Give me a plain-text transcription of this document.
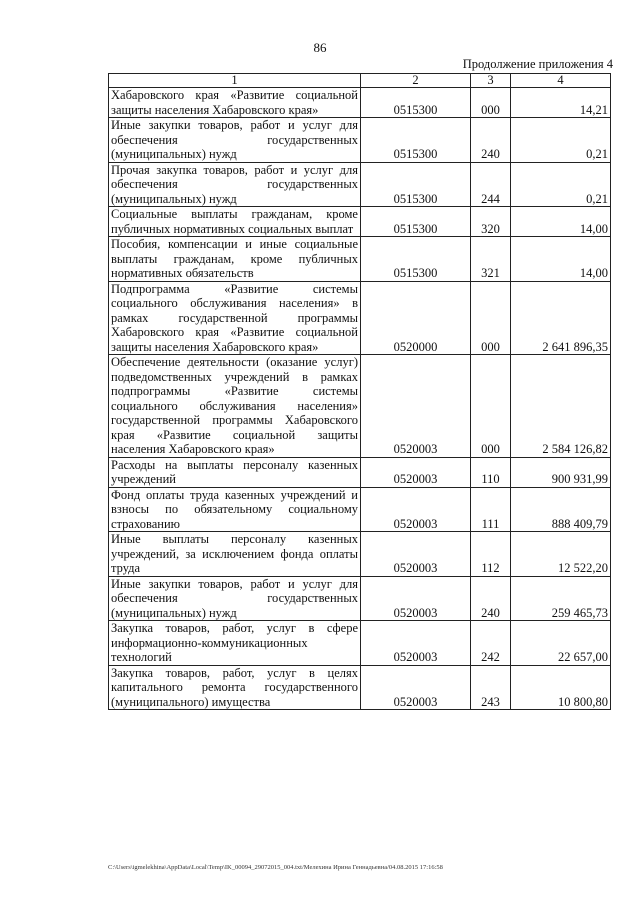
86
Продолжение приложения 4
1	2	3	4
Хабаровского края «Развитие социальной защиты населения Хабаровского края»	0515300	000	14,21
Иные закупки товаров, работ и услуг для обеспечения государственных (муниципальных) нужд	0515300	240	0,21
Прочая закупка товаров, работ и услуг для обеспечения государственных (муниципальных) нужд	0515300	244	0,21
Социальные выплаты гражданам, кроме публичных нормативных социальных выплат	0515300	320	14,00
Пособия, компенсации и иные социальные выплаты гражданам, кроме публичных нормативных обязательств	0515300	321	14,00
Подпрограмма «Развитие системы социального обслуживания населения» в рамках государственной программы Хабаровского края «Развитие социальной защиты населения Хабаровского края»	0520000	000	2 641 896,35
Обеспечение деятельности (оказание услуг) подведомственных учреждений в рамках подпрограммы «Развитие системы социального обслуживания населения» государственной программы Хабаровского края «Развитие социальной защиты населения Хабаровского края»	0520003	000	2 584 126,82
Расходы на выплаты персоналу казенных учреждений	0520003	110	900 931,99
Фонд оплаты труда казенных учреждений и взносы по обязательному социальному страхованию	0520003	111	888 409,79
Иные выплаты персоналу казенных учреждений, за исключением фонда оплаты труда	0520003	112	12 522,20
Иные закупки товаров, работ и услуг для обеспечения государственных (муниципальных) нужд	0520003	240	259 465,73
Закупка товаров, работ, услуг в сфере информационно-коммуникационных технологий	0520003	242	22 657,00
Закупка товаров, работ, услуг в целях капитального ремонта государственного (муниципального) имущества	0520003	243	10 800,80
C:\Users\igmelekhina\AppData\Local\Temp\IK_00094_29072015_004.txt/Мелехина Ирина Геннадьевна/04.08.2015 17:16:58
